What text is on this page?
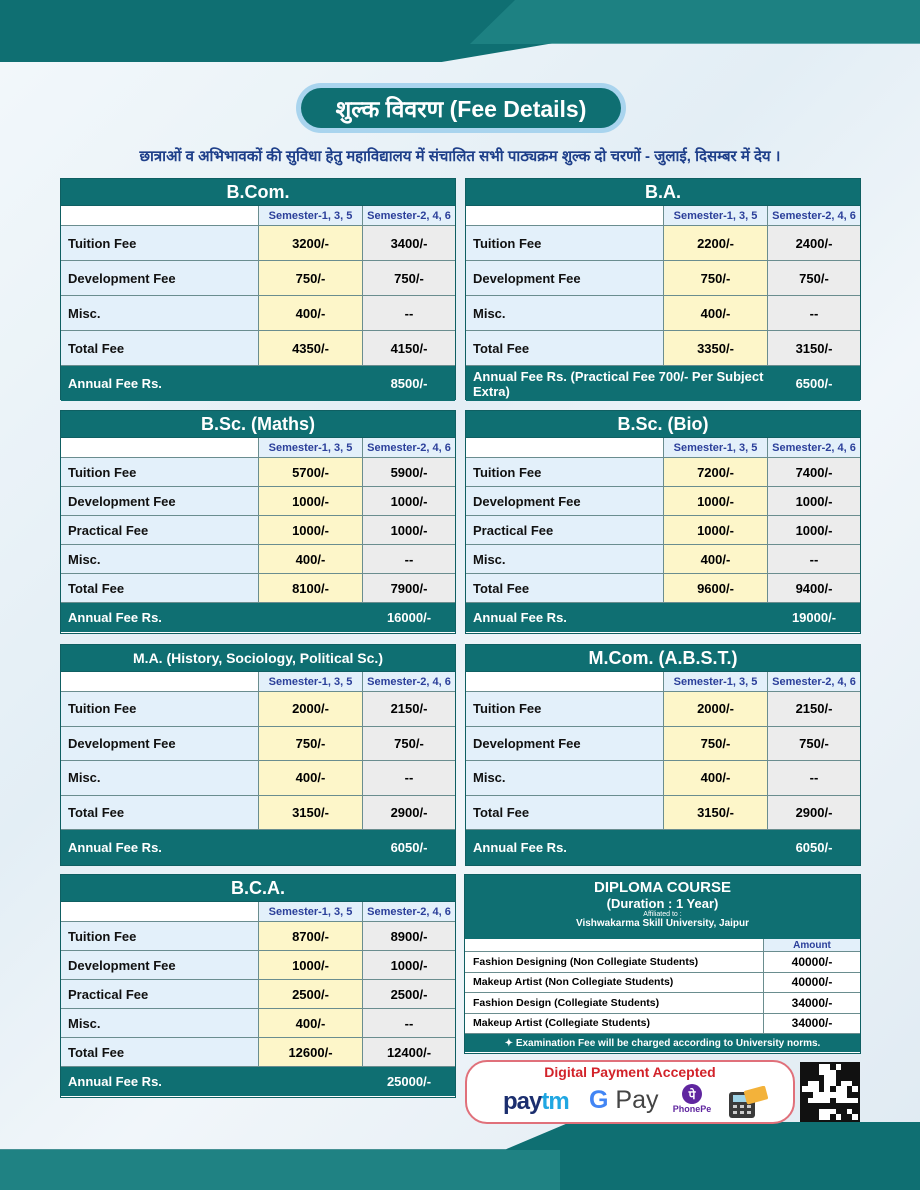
शुल्क विवरण (Fee Details)
छात्राओं व अभिभावकों की सुविधा हेतु महाविद्यालय में संचालित सभी पाठ्यक्रम शुल्क दो चरणों - जुलाई, दिसम्बर में देय ।
B.Com.
Semester-1, 3, 5	Semester-2, 4, 6
Tuition Fee	3200/-	3400/-
Development Fee	750/-	750/-
Misc.	400/-	--
Total Fee	4350/-	4150/-
Annual Fee Rs.	8500/-
B.A.
Semester-1, 3, 5	Semester-2, 4, 6
Tuition Fee	2200/-	2400/-
Development Fee	750/-	750/-
Misc.	400/-	--
Total Fee	3350/-	3150/-
Annual Fee Rs. (Practical Fee 700/- Per Subject Extra)	6500/-
B.Sc. (Maths)
Semester-1, 3, 5	Semester-2, 4, 6
Tuition Fee	5700/-	5900/-
Development Fee	1000/-	1000/-
Practical Fee	1000/-	1000/-
Misc.	400/-	--
Total Fee	8100/-	7900/-
Annual Fee Rs.	16000/-
B.Sc. (Bio)
Semester-1, 3, 5	Semester-2, 4, 6
Tuition Fee	7200/-	7400/-
Development Fee	1000/-	1000/-
Practical Fee	1000/-	1000/-
Misc.	400/-	--
Total Fee	9600/-	9400/-
Annual Fee Rs.	19000/-
M.A. (History, Sociology, Political Sc.)
Semester-1, 3, 5	Semester-2, 4, 6
Tuition Fee	2000/-	2150/-
Development Fee	750/-	750/-
Misc.	400/-	--
Total Fee	3150/-	2900/-
Annual Fee Rs.	6050/-
M.Com. (A.B.S.T.)
Semester-1, 3, 5	Semester-2, 4, 6
Tuition Fee	2000/-	2150/-
Development Fee	750/-	750/-
Misc.	400/-	--
Total Fee	3150/-	2900/-
Annual Fee Rs.	6050/-
B.C.A.
Semester-1, 3, 5	Semester-2, 4, 6
Tuition Fee	8700/-	8900/-
Development Fee	1000/-	1000/-
Practical Fee	2500/-	2500/-
Misc.	400/-	--
Total Fee	12600/-	12400/-
Annual Fee Rs.	25000/-
DIPLOMA COURSE
(Duration : 1 Year)
Affiliated to :
Vishwakarma Skill University, Jaipur
Amount
Fashion Designing (Non Collegiate Students)	40000/-
Makeup Artist (Non Collegiate Students)	40000/-
Fashion Design (Collegiate Students)	34000/-
Makeup Artist (Collegiate Students)	34000/-
✦ Examination Fee will be charged according to University norms.
Digital Payment Accepted
paytm G Pay	पे
PhonePe
